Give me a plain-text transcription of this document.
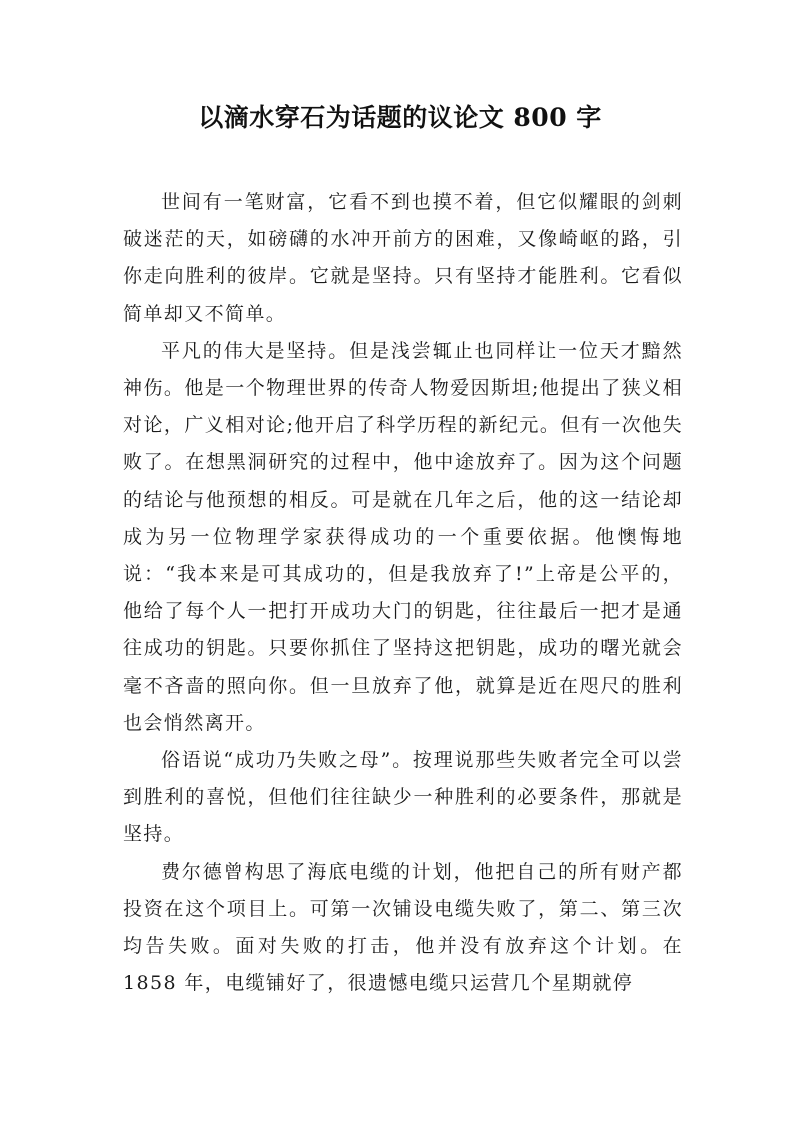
以滴水穿石为话题的议论文 800 字

世间有一笔财富，它看不到也摸不着，但它似耀眼的剑刺破迷茫的天，如磅礴的水冲开前方的困难，又像崎岖的路，引你走向胜利的彼岸。它就是坚持。只有坚持才能胜利。它看似简单却又不简单。

平凡的伟大是坚持。但是浅尝辄止也同样让一位天才黯然神伤。他是一个物理世界的传奇人物爱因斯坦;他提出了狭义相对论，广义相对论;他开启了科学历程的新纪元。但有一次他失败了。在想黑洞研究的过程中，他中途放弃了。因为这个问题的结论与他预想的相反。可是就在几年之后，他的这一结论却成为另一位物理学家获得成功的一个重要依据。他懊悔地说：“我本来是可其成功的，但是我放弃了!”上帝是公平的，他给了每个人一把打开成功大门的钥匙，往往最后一把才是通往成功的钥匙。只要你抓住了坚持这把钥匙，成功的曙光就会毫不吝啬的照向你。但一旦放弃了他，就算是近在咫尺的胜利也会悄然离开。

俗语说“成功乃失败之母”。按理说那些失败者完全可以尝到胜利的喜悦，但他们往往缺少一种胜利的必要条件，那就是坚持。

费尔德曾构思了海底电缆的计划，他把自己的所有财产都投资在这个项目上。可第一次铺设电缆失败了，第二、第三次均告失败。面对失败的打击，他并没有放弃这个计划。在 1858 年，电缆铺好了，很遗憾电缆只运营几个星期就停
